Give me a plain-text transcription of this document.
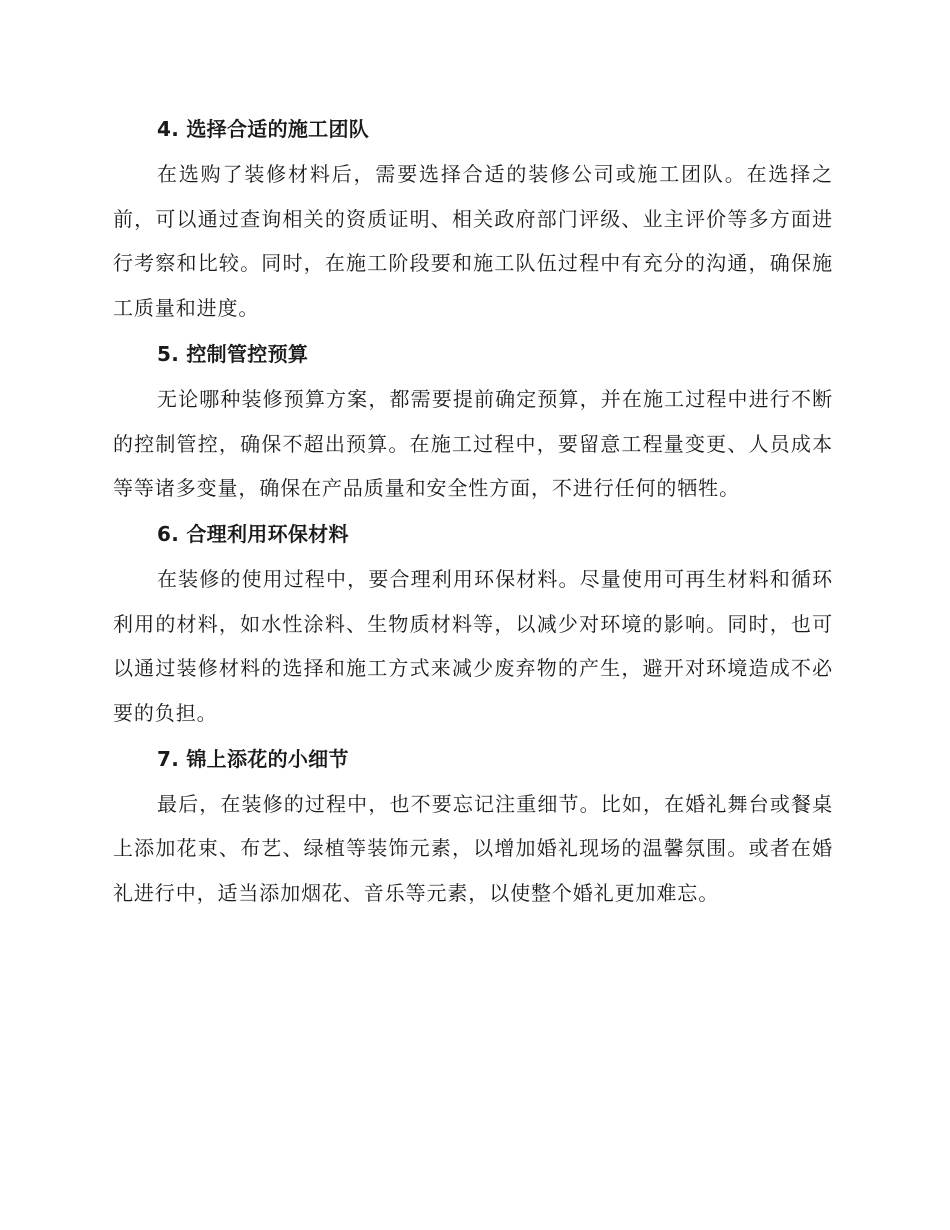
4. 选择合适的施工团队

在选购了装修材料后，需要选择合适的装修公司或施工团队。在选择之前，可以通过查询相关的资质证明、相关政府部门评级、业主评价等多方面进行考察和比较。同时，在施工阶段要和施工队伍过程中有充分的沟通，确保施工质量和进度。

5. 控制管控预算

无论哪种装修预算方案，都需要提前确定预算，并在施工过程中进行不断的控制管控，确保不超出预算。在施工过程中，要留意工程量变更、人员成本等等诸多变量，确保在产品质量和安全性方面，不进行任何的牺牲。

6. 合理利用环保材料

在装修的使用过程中，要合理利用环保材料。尽量使用可再生材料和循环利用的材料，如水性涂料、生物质材料等，以减少对环境的影响。同时，也可以通过装修材料的选择和施工方式来减少废弃物的产生，避开对环境造成不必要的负担。

7. 锦上添花的小细节

最后，在装修的过程中，也不要忘记注重细节。比如，在婚礼舞台或餐桌上添加花束、布艺、绿植等装饰元素，以增加婚礼现场的温馨氛围。或者在婚礼进行中，适当添加烟花、音乐等元素，以使整个婚礼更加难忘。
